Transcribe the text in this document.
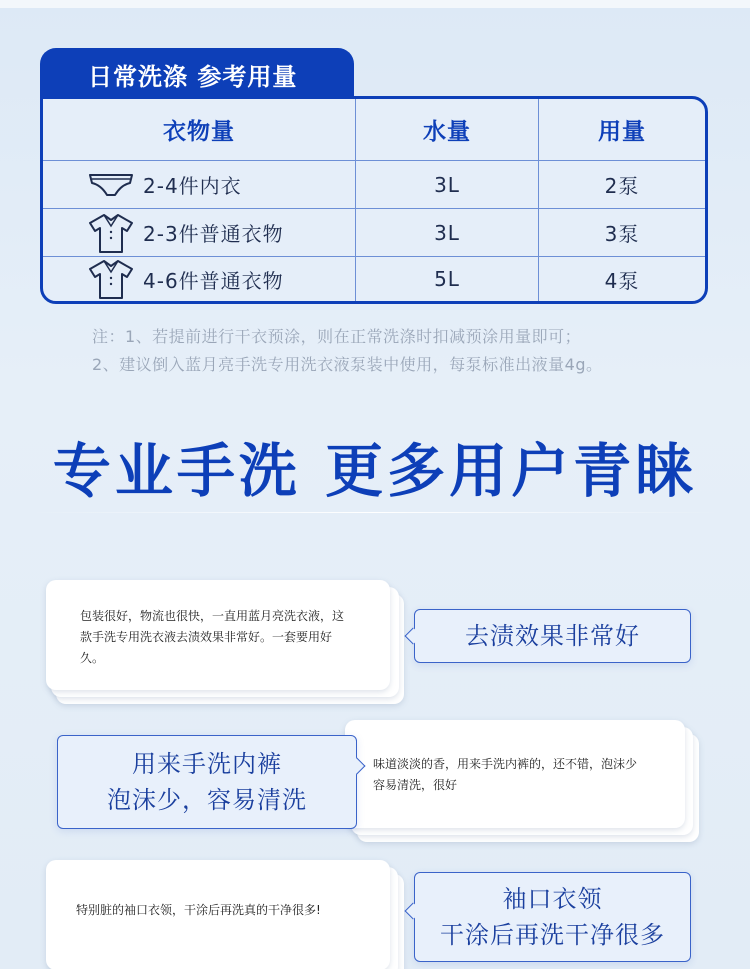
日常洗涤 参考用量
衣物量	水量	用量
2-4件内衣	3L	2泵
2-3件普通衣物	3L	3泵
4-6件普通衣物	5L	4泵
注：1、若提前进行干衣预涂，则在正常洗涤时扣减预涂用量即可；
2、建议倒入蓝月亮手洗专用洗衣液泵装中使用，每泵标准出液量4g。
专业手洗 更多用户青睐
包装很好，物流也很快，一直用蓝月亮洗衣液，这
款手洗专用洗衣液去渍效果非常好。一套要用好
久。
去渍效果非常好
味道淡淡的香，用来手洗内裤的，还不错，泡沫少
容易清洗，很好
用来手洗内裤
泡沫少，容易清洗
特别脏的袖口衣领，干涂后再洗真的干净很多!	袖口衣领
干涂后再洗干净很多
